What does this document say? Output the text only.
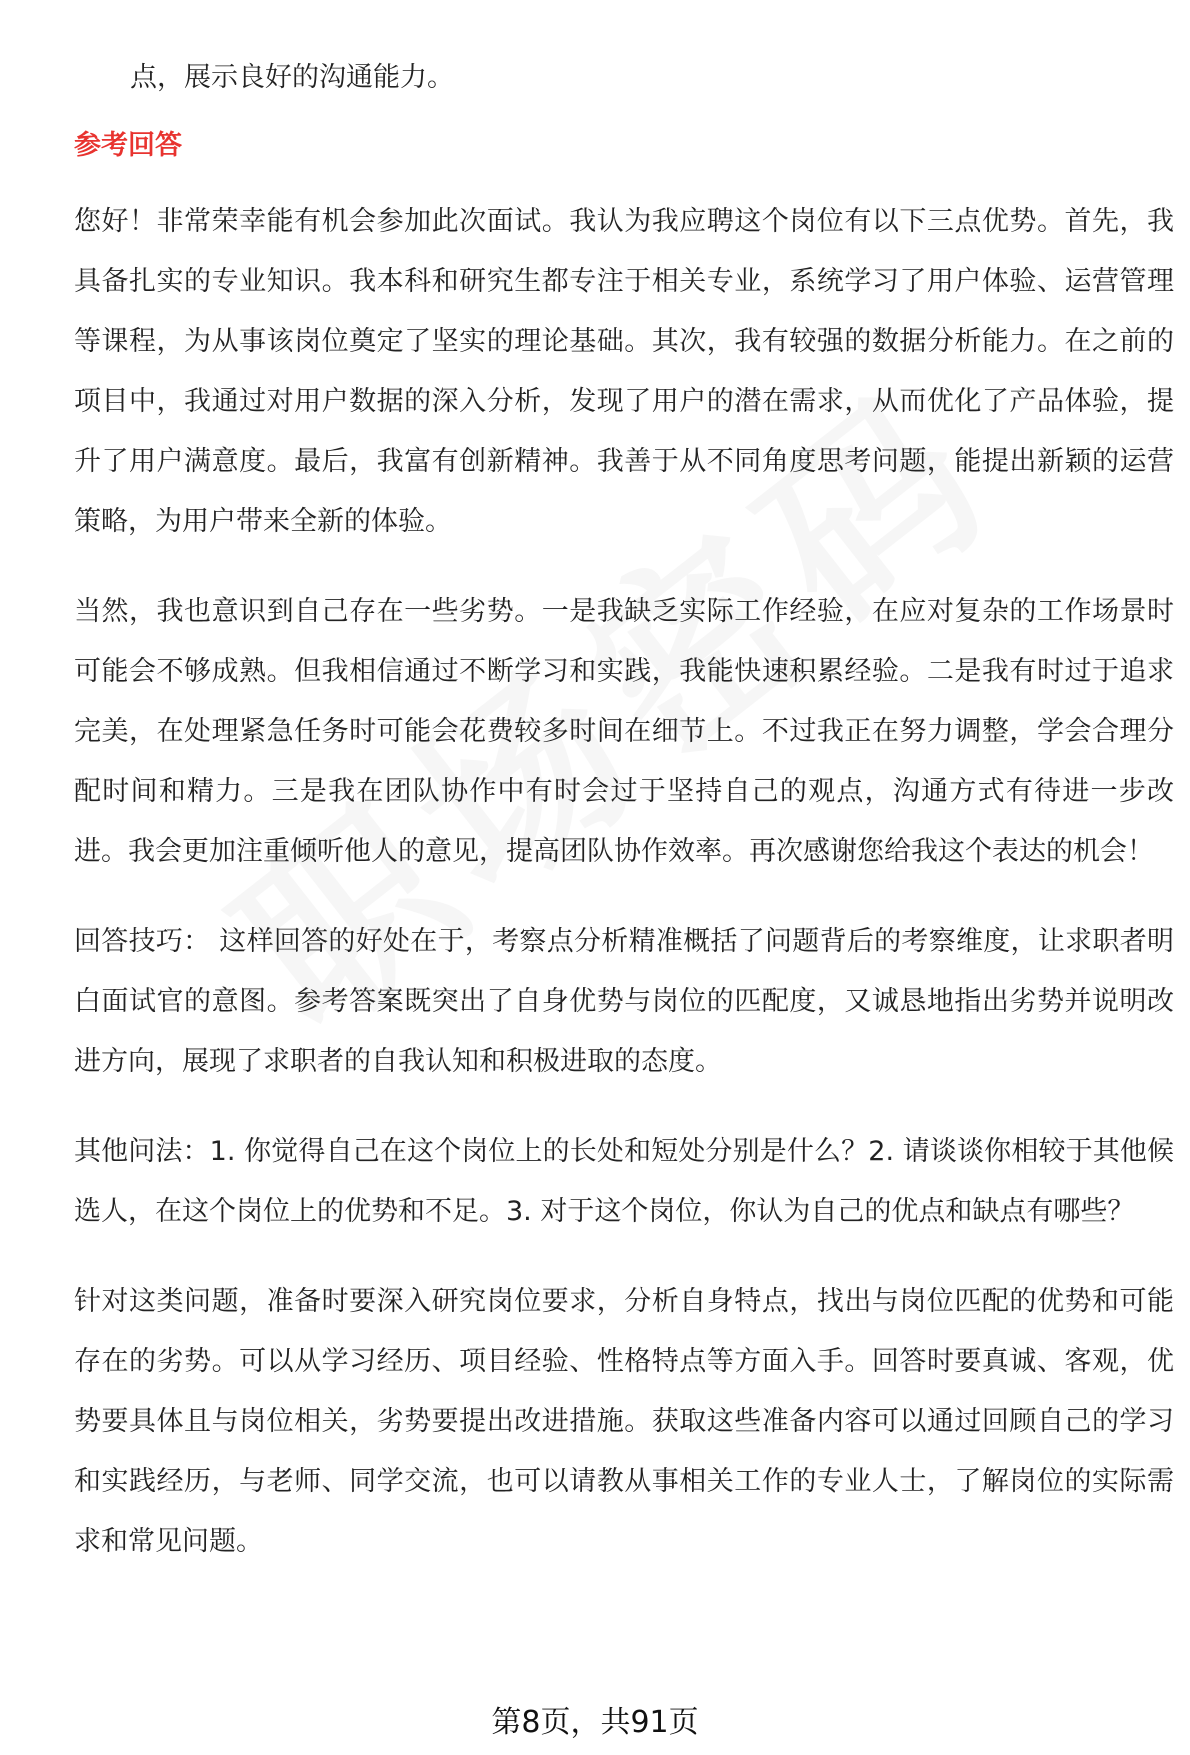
点，展示良好的沟通能力。

参考回答

您好！非常荣幸能有机会参加此次面试。我认为我应聘这个岗位有以下三点优势。首先，我具备扎实的专业知识。我本科和研究生都专注于相关专业，系统学习了用户体验、运营管理等课程，为从事该岗位奠定了坚实的理论基础。其次，我有较强的数据分析能力。在之前的项目中，我通过对用户数据的深入分析，发现了用户的潜在需求，从而优化了产品体验，提升了用户满意度。最后，我富有创新精神。我善于从不同角度思考问题，能提出新颖的运营策略，为用户带来全新的体验。

当然，我也意识到自己存在一些劣势。一是我缺乏实际工作经验，在应对复杂的工作场景时可能会不够成熟。但我相信通过不断学习和实践，我能快速积累经验。二是我有时过于追求完美，在处理紧急任务时可能会花费较多时间在细节上。不过我正在努力调整，学会合理分配时间和精力。三是我在团队协作中有时会过于坚持自己的观点，沟通方式有待进一步改进。我会更加注重倾听他人的意见，提高团队协作效率。再次感谢您给我这个表达的机会！

回答技巧： 这样回答的好处在于，考察点分析精准概括了问题背后的考察维度，让求职者明白面试官的意图。参考答案既突出了自身优势与岗位的匹配度，又诚恳地指出劣势并说明改进方向，展现了求职者的自我认知和积极进取的态度。

其他问法：1. 你觉得自己在这个岗位上的长处和短处分别是什么？2. 请谈谈你相较于其他候选人，在这个岗位上的优势和不足。3. 对于这个岗位，你认为自己的优点和缺点有哪些？

针对这类问题，准备时要深入研究岗位要求，分析自身特点，找出与岗位匹配的优势和可能存在的劣势。可以从学习经历、项目经验、性格特点等方面入手。回答时要真诚、客观，优势要具体且与岗位相关，劣势要提出改进措施。获取这些准备内容可以通过回顾自己的学习和实践经历，与老师、同学交流，也可以请教从事相关工作的专业人士，了解岗位的实际需求和常见问题。

第8页，共91页
